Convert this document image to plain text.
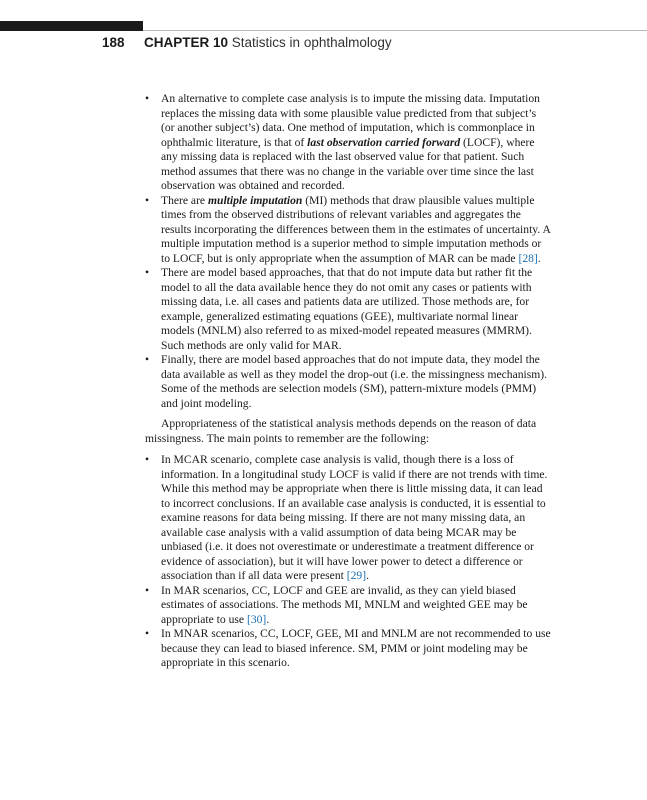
188 CHAPTER 10 Statistics in ophthalmology
• An alternative to complete case analysis is to impute the missing data. Imputation replaces the missing data with some plausible value predicted from that subject’s (or another subject’s) data. One method of imputation, which is commonplace in ophthalmic literature, is that of last observation carried forward (LOCF), where any missing data is replaced with the last observed value for that patient. Such method assumes that there was no change in the variable over time since the last observation was obtained and recorded.
• There are multiple imputation (MI) methods that draw plausible values multiple times from the observed distributions of relevant variables and aggregates the results incorporating the differences between them in the estimates of uncertainty. A multiple imputation method is a superior method to simple imputation methods or to LOCF, but is only appropriate when the assumption of MAR can be made [28].
• There are model based approaches, that that do not impute data but rather fit the model to all the data available hence they do not omit any cases or patients with missing data, i.e. all cases and patients data are utilized. Those methods are, for example, generalized estimating equations (GEE), multivariate normal linear models (MNLM) also referred to as mixed-model repeated measures (MMRM). Such methods are only valid for MAR.
• Finally, there are model based approaches that do not impute data, they model the data available as well as they model the drop-out (i.e. the missingness mechanism). Some of the methods are selection models (SM), pattern-mixture models (PMM) and joint modeling.

Appropriateness of the statistical analysis methods depends on the reason of data missingness. The main points to remember are the following:

• In MCAR scenario, complete case analysis is valid, though there is a loss of information. In a longitudinal study LOCF is valid if there are not trends with time. While this method may be appropriate when there is little missing data, it can lead to incorrect conclusions. If an available case analysis is conducted, it is essential to examine reasons for data being missing. If there are not many missing data, an available case analysis with a valid assumption of data being MCAR may be unbiased (i.e. it does not overestimate or underestimate a treatment difference or evidence of association), but it will have lower power to detect a difference or association than if all data were present [29].
• In MAR scenarios, CC, LOCF and GEE are invalid, as they can yield biased estimates of associations. The methods MI, MNLM and weighted GEE may be appropriate to use [30].
• In MNAR scenarios, CC, LOCF, GEE, MI and MNLM are not recommended to use because they can lead to biased inference. SM, PMM or joint modeling may be appropriate in this scenario.
